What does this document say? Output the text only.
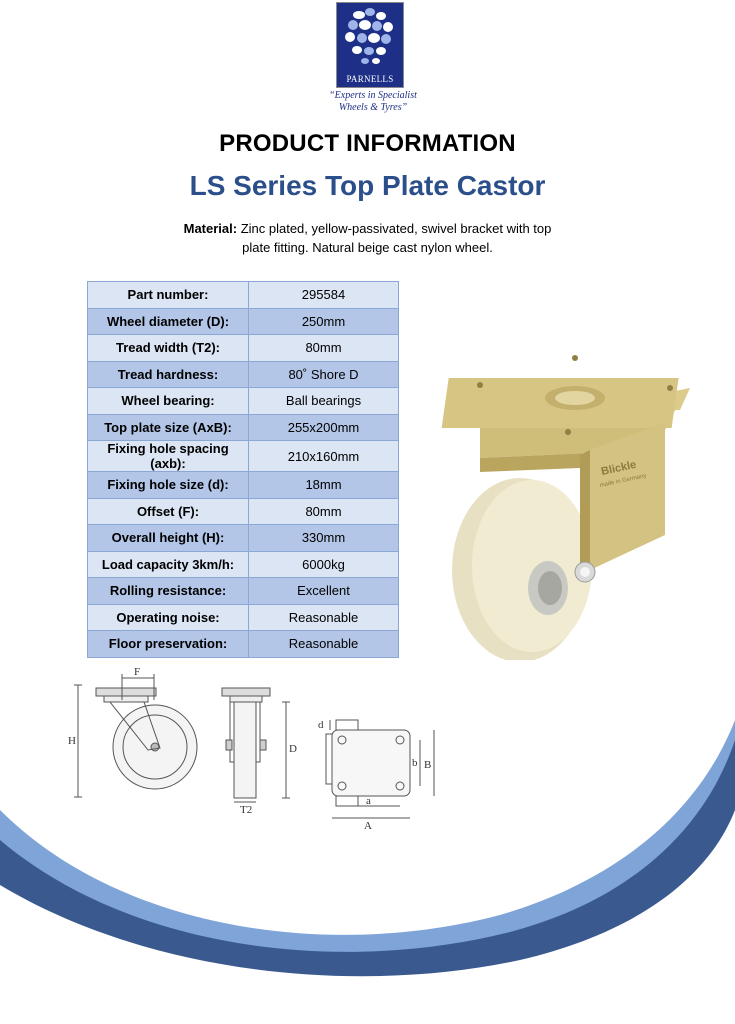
PARNELLS
“Experts in Specialist
Wheels & Tyres”
PRODUCT INFORMATION
LS Series Top Plate Castor
Material: Zinc plated, yellow-passivated, swivel bracket with top
plate fitting. Natural beige cast nylon wheel.
Part number:	295584
Wheel diameter (D):	250mm
Tread width (T2):	80mm
Tread hardness:	80˚ Shore D
Wheel bearing:	Ball bearings
Top plate size (AxB):	255x200mm
Fixing hole spacing (axb):	210x160mm
Fixing hole size (d):	18mm
Offset (F):	80mm
Overall height (H):	330mm
Load capacity 3km/h:	6000kg
Rolling resistance:	Excellent
Operating noise:	Reasonable
Floor preservation:	Reasonable
Blickle
made in Germany
F
H
D
T2
d
a
A
b B
